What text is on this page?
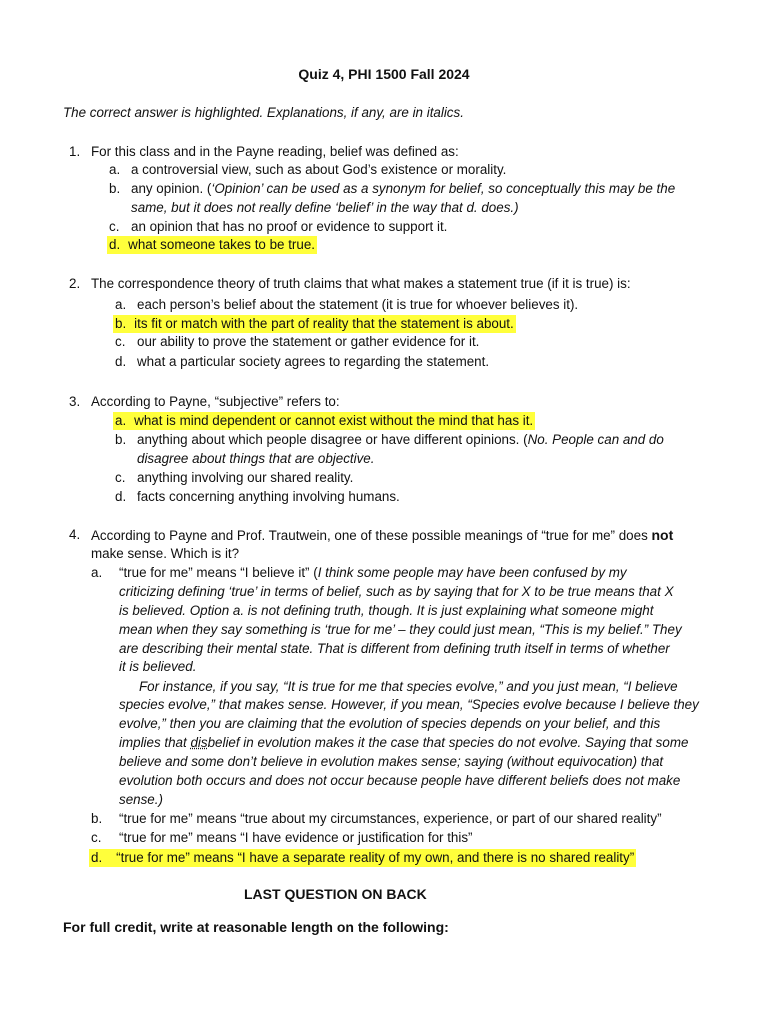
Quiz 4, PHI 1500 Fall 2024
The correct answer is highlighted. Explanations, if any, are in italics.
1. For this class and in the Payne reading, belief was defined as:
a. a controversial view, such as about God’s existence or morality.
b. any opinion. (‘Opinion’ can be used as a synonym for belief, so conceptually this may be the
same, but it does not really define ‘belief’ in the way that d. does.)
c. an opinion that has no proof or evidence to support it.
d. what someone takes to be true.
2. The correspondence theory of truth claims that what makes a statement true (if it is true) is:
a. each person’s belief about the statement (it is true for whoever believes it).
b. its fit or match with the part of reality that the statement is about.
c. our ability to prove the statement or gather evidence for it.
d. what a particular society agrees to regarding the statement.
3. According to Payne, “subjective” refers to:
a. what is mind dependent or cannot exist without the mind that has it.
b. anything about which people disagree or have different opinions. (No. People can and do
disagree about things that are objective.
c. anything involving our shared reality.
d. facts concerning anything involving humans.
4. According to Payne and Prof. Trautwein, one of these possible meanings of “true for me” does not
make sense. Which is it?
a. “true for me” means “I believe it” (I think some people may have been confused by my
criticizing defining ‘true’ in terms of belief, such as by saying that for X to be true means that X
is believed. Option a. is not defining truth, though. It is just explaining what someone might
mean when they say something is ‘true for me’ – they could just mean, “This is my belief.” They
are describing their mental state. That is different from defining truth itself in terms of whether
it is believed.
For instance, if you say, “It is true for me that species evolve,” and you just mean, “I believe
species evolve,” that makes sense. However, if you mean, “Species evolve because I believe they
evolve,” then you are claiming that the evolution of species depends on your belief, and this
implies that disbelief in evolution makes it the case that species do not evolve. Saying that some
believe and some don’t believe in evolution makes sense; saying (without equivocation) that
evolution both occurs and does not occur because people have different beliefs does not make
sense.)
b. “true for me” means “true about my circumstances, experience, or part of our shared reality”
c. “true for me” means “I have evidence or justification for this”
d. “true for me” means “I have a separate reality of my own, and there is no shared reality”
LAST QUESTION ON BACK
For full credit, write at reasonable length on the following:
